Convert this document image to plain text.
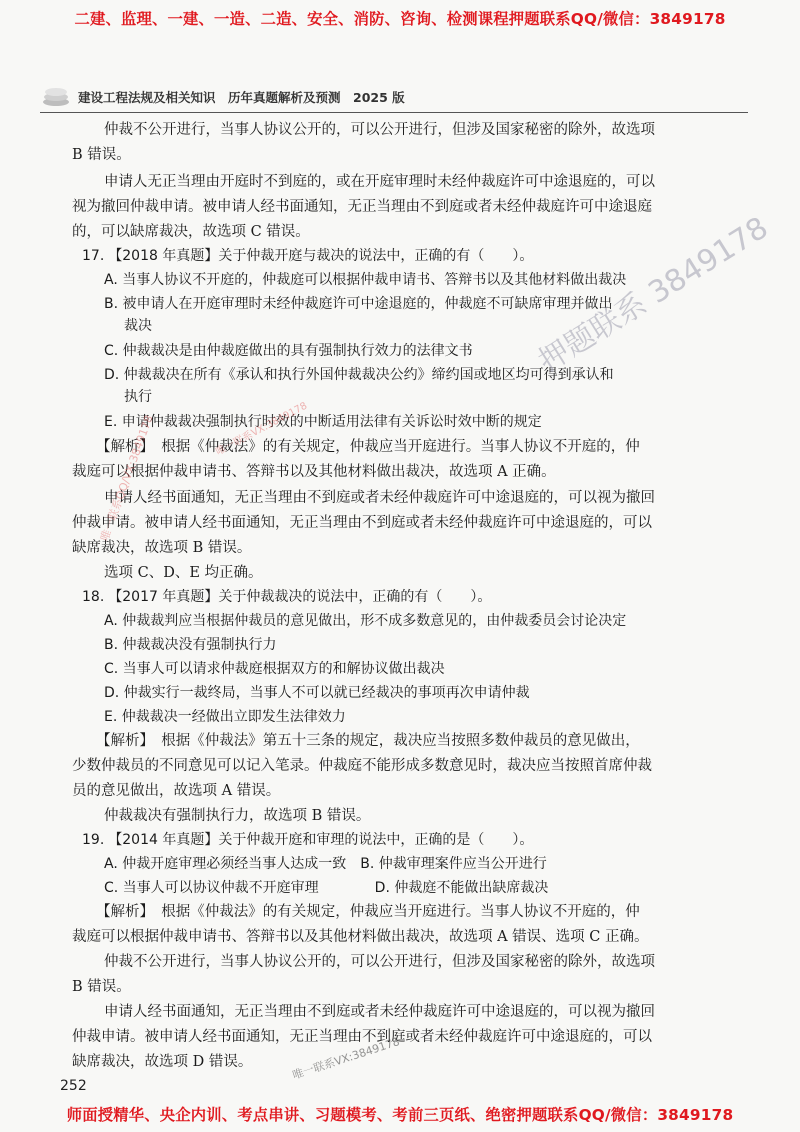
二建、监理、一建、一造、二造、安全、消防、咨询、检测课程押题联系QQ/微信：3849178
建设工程法规及相关知识　历年真题解析及预测　2025 版
仲裁不公开进行，当事人协议公开的，可以公开进行，但涉及国家秘密的除外，故选项
B 错误。
申请人无正当理由开庭时不到庭的，或在开庭审理时未经仲裁庭许可中途退庭的，可以
视为撤回仲裁申请。被申请人经书面通知，无正当理由不到庭或者未经仲裁庭许可中途退庭
的，可以缺席裁决，故选项 C 错误。
17. 【2018 年真题】关于仲裁开庭与裁决的说法中，正确的有（　　）。
A. 当事人协议不开庭的，仲裁庭可以根据仲裁申请书、答辩书以及其他材料做出裁决
B. 被申请人在开庭审理时未经仲裁庭许可中途退庭的，仲裁庭不可缺席审理并做出
裁决
C. 仲裁裁决是由仲裁庭做出的具有强制执行效力的法律文书
D. 仲裁裁决在所有《承认和执行外国仲裁裁决公约》缔约国或地区均可得到承认和
执行
E. 申请仲裁裁决强制执行时效的中断适用法律有关诉讼时效中断的规定
【解析】　根据《仲裁法》的有关规定，仲裁应当开庭进行。当事人协议不开庭的，仲
裁庭可以根据仲裁申请书、答辩书以及其他材料做出裁决，故选项 A 正确。
申请人经书面通知，无正当理由不到庭或者未经仲裁庭许可中途退庭的，可以视为撤回
仲裁申请。被申请人经书面通知，无正当理由不到庭或者未经仲裁庭许可中途退庭的，可以
缺席裁决，故选项 B 错误。
选项 C、D、E 均正确。
18. 【2017 年真题】关于仲裁裁决的说法中，正确的有（　　）。
A. 仲裁裁判应当根据仲裁员的意见做出，形不成多数意见的，由仲裁委员会讨论决定
B. 仲裁裁决没有强制执行力
C. 当事人可以请求仲裁庭根据双方的和解协议做出裁决
D. 仲裁实行一裁终局，当事人不可以就已经裁决的事项再次申请仲裁
E. 仲裁裁决一经做出立即发生法律效力
【解析】　根据《仲裁法》第五十三条的规定，裁决应当按照多数仲裁员的意见做出，
少数仲裁员的不同意见可以记入笔录。仲裁庭不能形成多数意见时，裁决应当按照首席仲裁
员的意见做出，故选项 A 错误。
仲裁裁决有强制执行力，故选项 B 错误。
19. 【2014 年真题】关于仲裁开庭和审理的说法中，正确的是（　　）。
A. 仲裁开庭审理必须经当事人达成一致　B. 仲裁审理案件应当公开进行
C. 当事人可以协议仲裁不开庭审理　　　　D. 仲裁庭不能做出缺席裁决
【解析】　根据《仲裁法》的有关规定，仲裁应当开庭进行。当事人协议不开庭的，仲
裁庭可以根据仲裁申请书、答辩书以及其他材料做出裁决，故选项 A 错误、选项 C 正确。
仲裁不公开进行，当事人协议公开的，可以公开进行，但涉及国家秘密的除外，故选项
B 错误。
申请人经书面通知，无正当理由不到庭或者未经仲裁庭许可中途退庭的，可以视为撤回
仲裁申请。被申请人经书面通知，无正当理由不到庭或者未经仲裁庭许可中途退庭的，可以
缺席裁决，故选项 D 错误。
252
押题联系 3849178
唯一联系QQ/VX:3849178	唯一联系VX:3849178
唯一联系VX:3849178
师面授精华、央企内训、考点串讲、习题模考、考前三页纸、绝密押题联系QQ/微信：3849178
